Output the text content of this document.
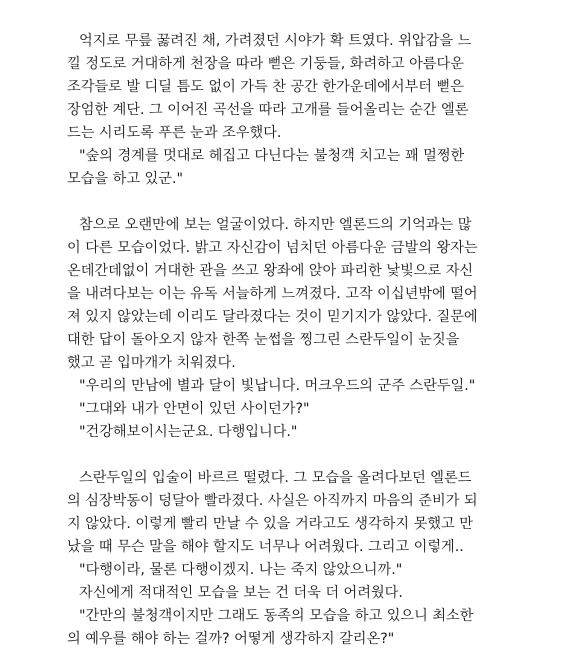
억지로 무릎 꿇려진 채, 가려졌던 시야가 확 트였다. 위압감을 느
낄 정도로 거대하게 천장을 따라 뻗은 기둥들, 화려하고 아름다운
조각들로 발 디딜 틈도 없이 가득 찬 공간 한가운데에서부터 뻗은
장엄한 계단. 그 이어진 곡선을 따라 고개를 들어올리는 순간 엘론
드는 시리도록 푸른 눈과 조우했다.

"숲의 경계를 멋대로 헤집고 다닌다는 불청객 치고는 꽤 멀쩡한
모습을 하고 있군."

참으로 오랜만에 보는 얼굴이었다. 하지만 엘론드의 기억과는 많
이 다른 모습이었다. 밝고 자신감이 넘치던 아름다운 금발의 왕자는
온데간데없이 거대한 관을 쓰고 왕좌에 앉아 파리한 낯빛으로 자신
을 내려다보는 이는 유독 서늘하게 느껴졌다. 고작 이십년밖에 떨어
져 있지 않았는데 이리도 달라졌다는 것이 믿기지가 않았다. 질문에
대한 답이 돌아오지 않자 한쪽 눈썹을 찡그린 스란두일이 눈짓을
했고 곧 입마개가 치워졌다.

"우리의 만남에 별과 달이 빛납니다. 머크우드의 군주 스란두일."

"그대와 내가 안면이 있던 사이던가?"

"건강해보이시는군요. 다행입니다."

스란두일의 입술이 바르르 떨렸다. 그 모습을 올려다보던 엘론드
의 심장박동이 덩달아 빨라졌다. 사실은 아직까지 마음의 준비가 되
지 않았다. 이렇게 빨리 만날 수 있을 거라고도 생각하지 못했고 만
났을 때 무슨 말을 해야 할지도 너무나 어려웠다. 그리고 이렇게..

"다행이라, 물론 다행이겠지. 나는 죽지 않았으니까."

자신에게 적대적인 모습을 보는 건 더욱 더 어려웠다.

"간만의 불청객이지만 그래도 동족의 모습을 하고 있으니 최소한
의 예우를 해야 하는 걸까? 어떻게 생각하지 갈리온?"
